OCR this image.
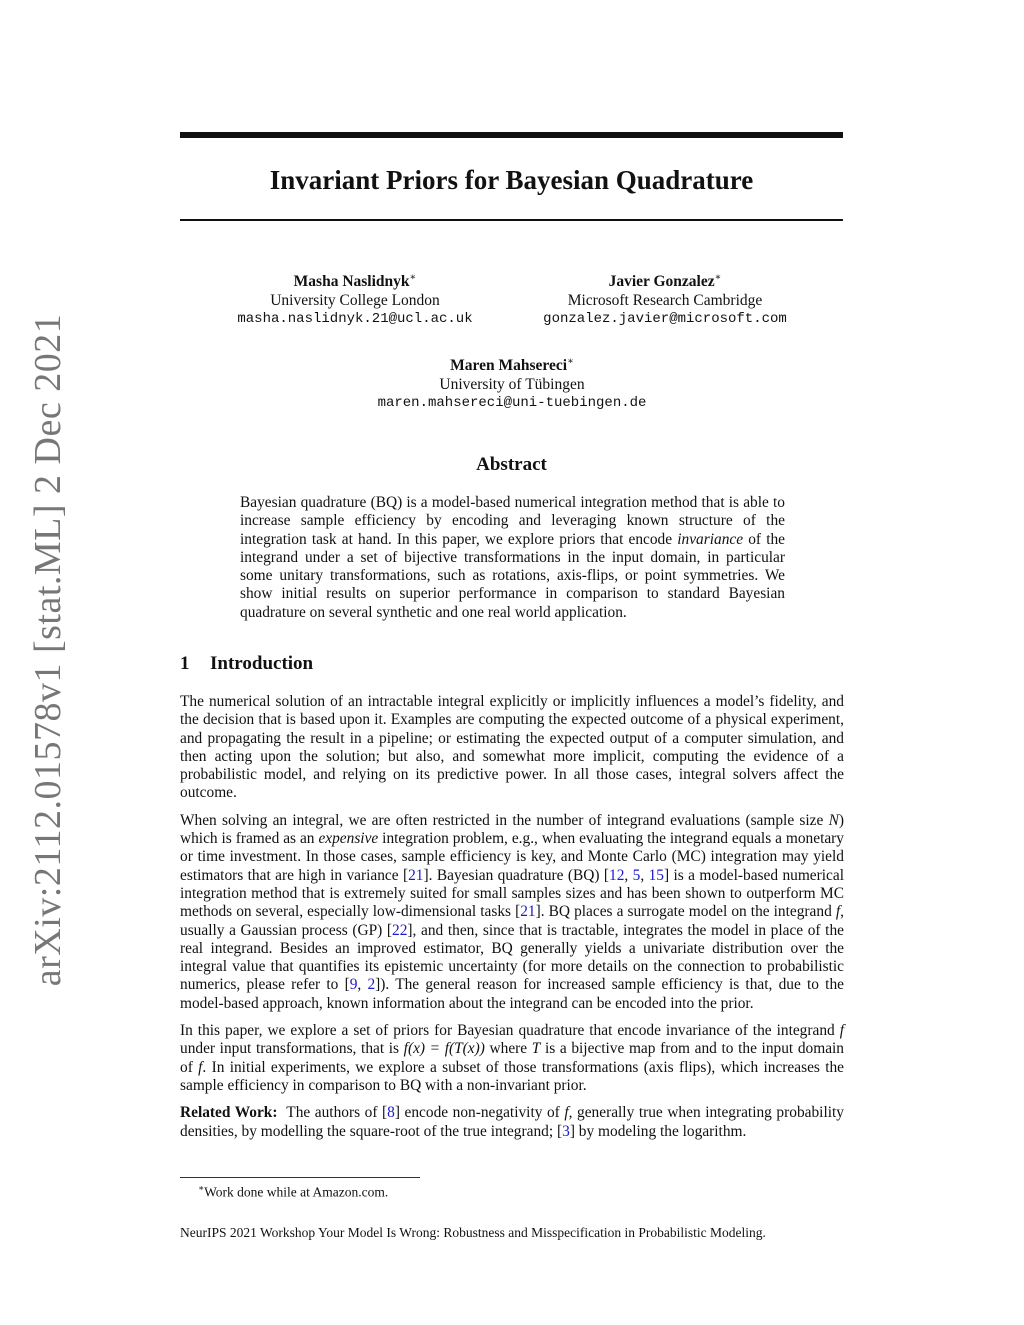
arXiv:2112.01578v1 [stat.ML] 2 Dec 2021
Invariant Priors for Bayesian Quadrature
Masha Naslidnyk∗
University College London
masha.naslidnyk.21@ucl.ac.uk
Javier Gonzalez∗
Microsoft Research Cambridge
gonzalez.javier@microsoft.com
Maren Mahsereci∗
University of Tübingen
maren.mahsereci@uni-tuebingen.de
Abstract
Bayesian quadrature (BQ) is a model-based numerical integration method that is able to increase sample efficiency by encoding and leveraging known structure of the integration task at hand. In this paper, we explore priors that encode invariance of the integrand under a set of bijective transformations in the input domain, in particular some unitary transformations, such as rotations, axis-flips, or point symmetries. We show initial results on superior performance in comparison to standard Bayesian quadrature on several synthetic and one real world application.
1 Introduction

The numerical solution of an intractable integral explicitly or implicitly influences a model’s fidelity, and the decision that is based upon it. Examples are computing the expected outcome of a physical experiment, and propagating the result in a pipeline; or estimating the expected output of a computer simulation, and then acting upon the solution; but also, and somewhat more implicit, computing the evidence of a probabilistic model, and relying on its predictive power. In all those cases, integral solvers affect the outcome.

When solving an integral, we are often restricted in the number of integrand evaluations (sample size N) which is framed as an expensive integration problem, e.g., when evaluating the integrand equals a monetary or time investment. In those cases, sample efficiency is key, and Monte Carlo (MC) integration may yield estimators that are high in variance [21]. Bayesian quadrature (BQ) [12, 5, 15] is a model-based numerical integration method that is extremely suited for small samples sizes and has been shown to outperform MC methods on several, especially low-dimensional tasks [21]. BQ places a surrogate model on the integrand f, usually a Gaussian process (GP) [22], and then, since that is tractable, integrates the model in place of the real integrand. Besides an improved estimator, BQ generally yields a univariate distribution over the integral value that quantifies its epistemic uncertainty (for more details on the connection to probabilistic numerics, please refer to [9, 2]). The general reason for increased sample efficiency is that, due to the model-based approach, known information about the integrand can be encoded into the prior.

In this paper, we explore a set of priors for Bayesian quadrature that encode invariance of the integrand f under input transformations, that is f(x) = f(T(x)) where T is a bijective map from and to the input domain of f. In initial experiments, we explore a subset of those transformations (axis flips), which increases the sample efficiency in comparison to BQ with a non-invariant prior.

Related Work:  The authors of [8] encode non-negativity of f, generally true when integrating probability densities, by modelling the square-root of the true integrand; [3] by modeling the logarithm.

∗Work done while at Amazon.com.
NeurIPS 2021 Workshop Your Model Is Wrong: Robustness and Misspecification in Probabilistic Modeling.
